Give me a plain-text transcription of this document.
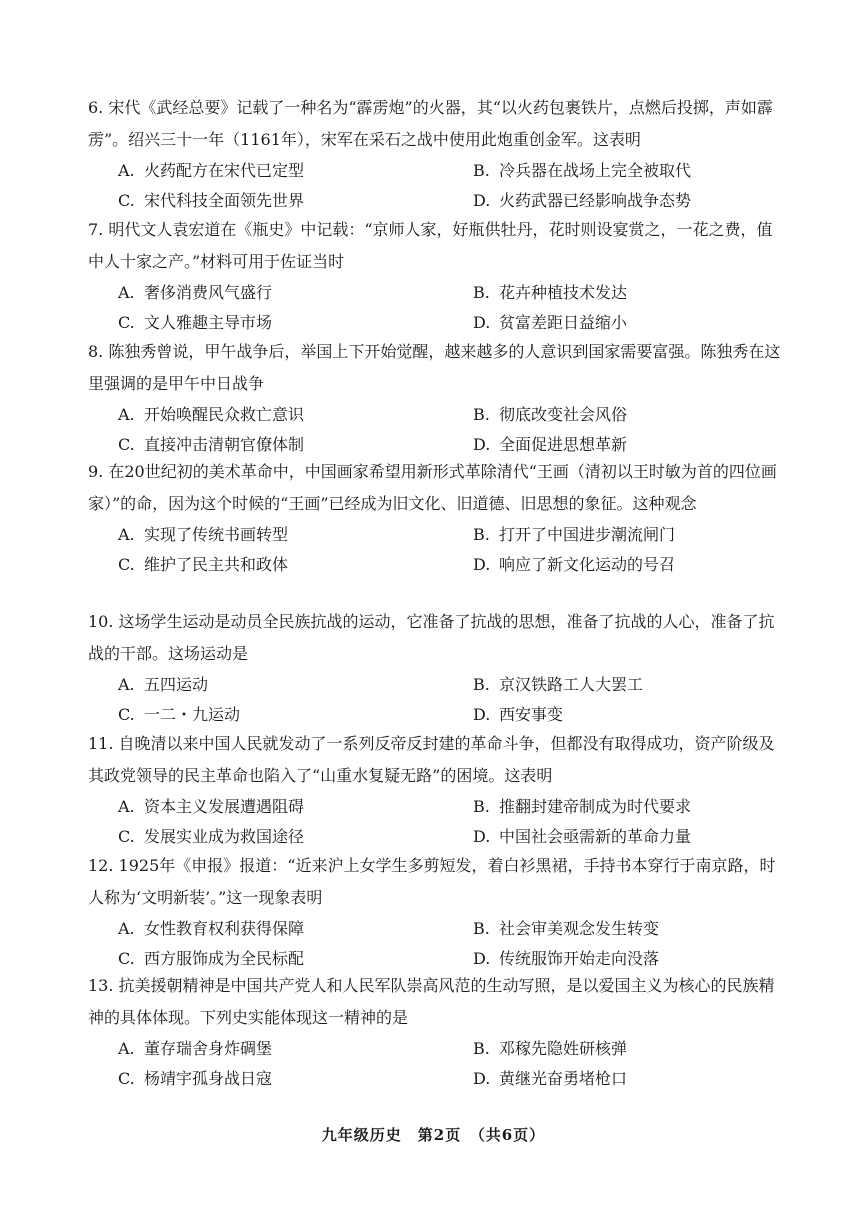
6. 宋代《武经总要》记载了一种名为“霹雳炮”的火器，其“以火药包裹铁片，点燃后投掷，声如霹雳”。绍兴三十一年（1161年），宋军在采石之战中使用此炮重创金军。这表明
A. 火药配方在宋代已定型	B. 冷兵器在战场上完全被取代
C. 宋代科技全面领先世界	D. 火药武器已经影响战争态势
7. 明代文人袁宏道在《瓶史》中记载：“京师人家，好瓶供牡丹，花时则设宴赏之，一花之费，值中人十家之产。”材料可用于佐证当时
A. 奢侈消费风气盛行	B. 花卉种植技术发达
C. 文人雅趣主导市场	D. 贫富差距日益缩小
8. 陈独秀曾说，甲午战争后，举国上下开始觉醒，越来越多的人意识到国家需要富强。陈独秀在这里强调的是甲午中日战争
A. 开始唤醒民众救亡意识	B. 彻底改变社会风俗
C. 直接冲击清朝官僚体制	D. 全面促进思想革新
9. 在20世纪初的美术革命中，中国画家希望用新形式革除清代“王画（清初以王时敏为首的四位画家）”的命，因为这个时候的“王画”已经成为旧文化、旧道德、旧思想的象征。这种观念
A. 实现了传统书画转型	B. 打开了中国进步潮流闸门
C. 维护了民主共和政体	D. 响应了新文化运动的号召
10. 这场学生运动是动员全民族抗战的运动，它准备了抗战的思想，准备了抗战的人心，准备了抗战的干部。这场运动是
A. 五四运动	B. 京汉铁路工人大罢工
C. 一二・九运动	D. 西安事变
11. 自晚清以来中国人民就发动了一系列反帝反封建的革命斗争，但都没有取得成功，资产阶级及其政党领导的民主革命也陷入了“山重水复疑无路”的困境。这表明
A. 资本主义发展遭遇阻碍	B. 推翻封建帝制成为时代要求
C. 发展实业成为救国途径	D. 中国社会亟需新的革命力量
12. 1925年《申报》报道：“近来沪上女学生多剪短发，着白衫黑裙，手持书本穿行于南京路，时人称为‘文明新装’。”这一现象表明
A. 女性教育权利获得保障	B. 社会审美观念发生转变
C. 西方服饰成为全民标配	D. 传统服饰开始走向没落
13. 抗美援朝精神是中国共产党人和人民军队崇高风范的生动写照，是以爱国主义为核心的民族精神的具体体现。下列史实能体现这一精神的是
A. 董存瑞舍身炸碉堡	B. 邓稼先隐姓研核弹
C. 杨靖宇孤身战日寇	D. 黄继光奋勇堵枪口
九年级历史　第2页　（共6页）
